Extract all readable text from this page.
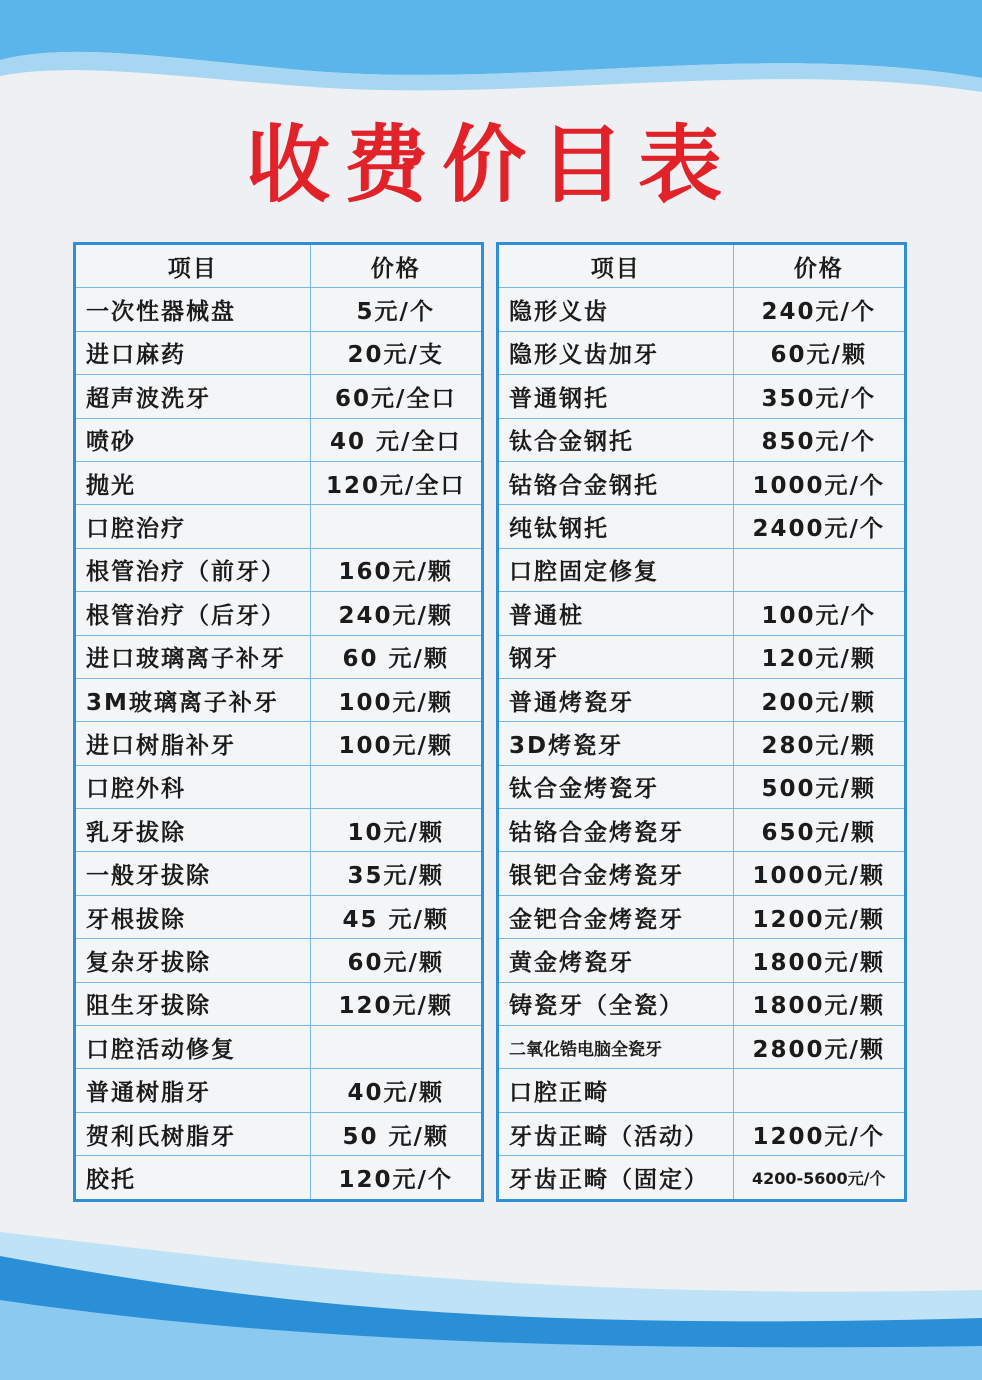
收费价目表
项目	价格
一次性器械盘	5元/个
进口麻药	20元/支
超声波洗牙	60元/全口
喷砂	40 元/全口
抛光	120元/全口
口腔治疗	
根管治疗（前牙）	160元/颗
根管治疗（后牙）	240元/颗
进口玻璃离子补牙	60 元/颗
3M玻璃离子补牙	100元/颗
进口树脂补牙	100元/颗
口腔外科	
乳牙拔除	10元/颗
一般牙拔除	35元/颗
牙根拔除	45 元/颗
复杂牙拔除	60元/颗
阻生牙拔除	120元/颗
口腔活动修复	
普通树脂牙	40元/颗
贺利氏树脂牙	50 元/颗
胶托	120元/个
项目	价格
隐形义齿	240元/个
隐形义齿加牙	60元/颗
普通钢托	350元/个
钛合金钢托	850元/个
钴铬合金钢托	1000元/个
纯钛钢托	2400元/个
口腔固定修复	
普通桩	100元/个
钢牙	120元/颗
普通烤瓷牙	200元/颗
3D烤瓷牙	280元/颗
钛合金烤瓷牙	500元/颗
钴铬合金烤瓷牙	650元/颗
银钯合金烤瓷牙	1000元/颗
金钯合金烤瓷牙	1200元/颗
黄金烤瓷牙	1800元/颗
铸瓷牙（全瓷）	1800元/颗
二氧化锆电脑全瓷牙	2800元/颗
口腔正畸	
牙齿正畸（活动）	1200元/个
牙齿正畸（固定）	4200-5600元/个
